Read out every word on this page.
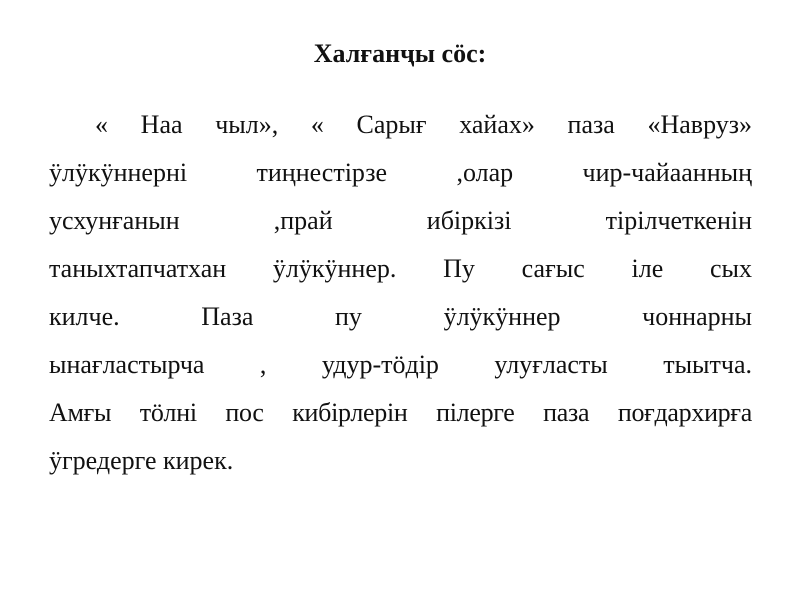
Халғанҷы сӧс:
« Наа чыл», « Сарығ хайах» паза «Навруз»
ӱлӱкӱннерні тиңнестірзе ,олар чир-чайаанның
усхунғанын ,прай ибіркізі тірілчеткенін
таныхтапчатхан ӱлӱкӱннер. Пу сағыс іле сых
килче. Паза пу ӱлӱкӱннер чоннарны
ынағластырча , удур-тӧдір улуғласты тыытча.
Амғы тӧлні пос кибірлерін пілерге паза поғдархирға
ӱгредерге кирек.
